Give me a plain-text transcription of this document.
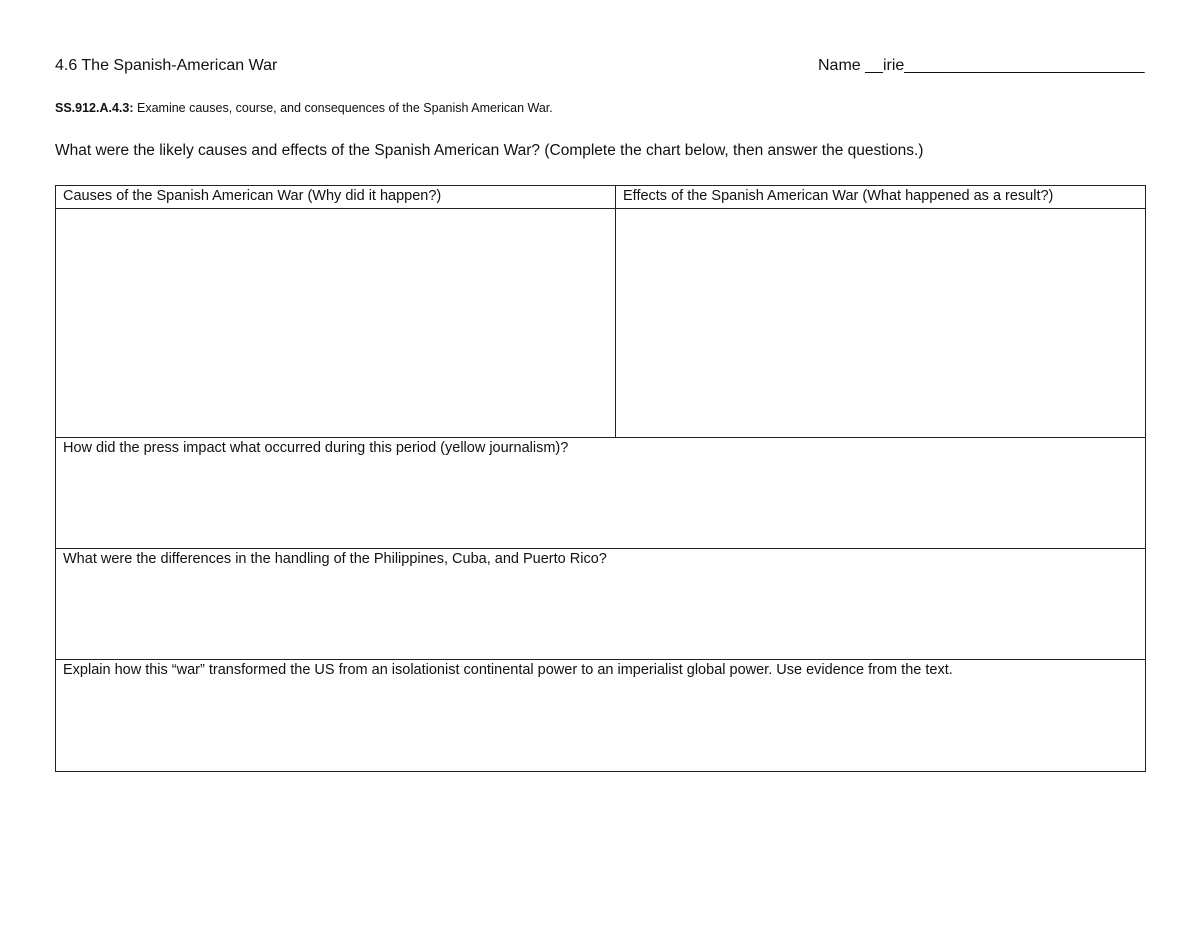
4.6 The Spanish-American War	Name __irie___________________________
SS.912.A.4.3: Examine causes, course, and consequences of the Spanish American War.
What were the likely causes and effects of the Spanish American War? (Complete the chart below, then answer the questions.)
Causes of the Spanish American War (Why did it happen?)	Effects of the Spanish American War (What happened as a result?)

How did the press impact what occurred during this period (yellow journalism)?	
What were the differences in the handling of the Philippines, Cuba, and Puerto Rico?	
Explain how this “war” transformed the US from an isolationist continental power to an imperialist global power. Use evidence from the text.	
